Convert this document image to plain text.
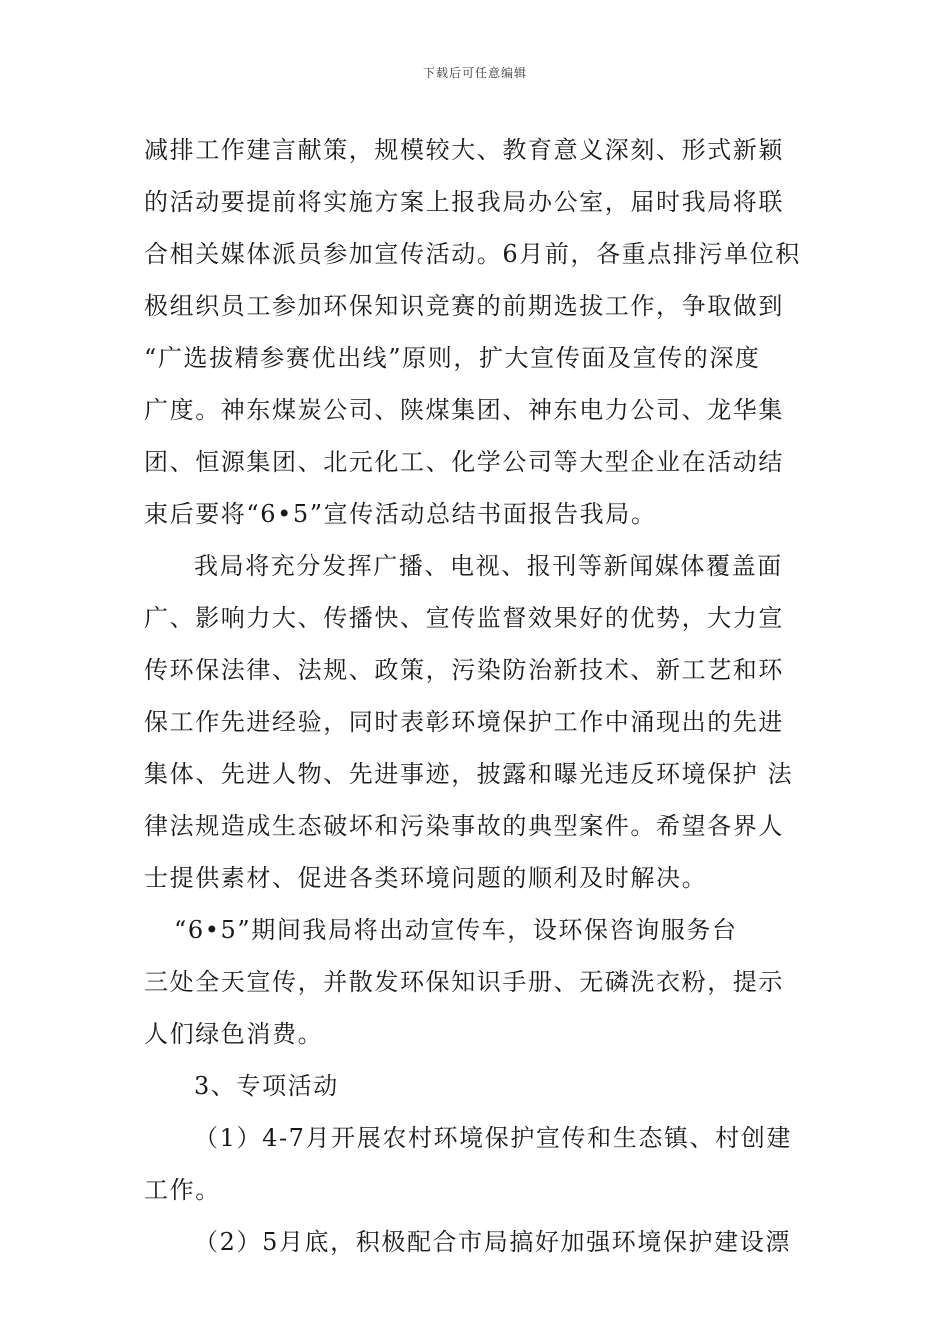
下载后可任意编辑
减排工作建言献策，规模较大、教育意义深刻、形式新颖
的活动要提前将实施方案上报我局办公室，届时我局将联
合相关媒体派员参加宣传活动。6月前，各重点排污单位积
极组织员工参加环保知识竞赛的前期选拔工作，争取做到
“广选拔精参赛优出线”原则，扩大宣传面及宣传的深度
广度。神东煤炭公司、陕煤集团、神东电力公司、龙华集
团、恒源集团、北元化工、化学公司等大型企业在活动结
束后要将“6•5”宣传活动总结书面报告我局。
我局将充分发挥广播、电视、报刊等新闻媒体覆盖面
广、影响力大、传播快、宣传监督效果好的优势，大力宣
传环保法律、法规、政策，污染防治新技术、新工艺和环
保工作先进经验，同时表彰环境保护工作中涌现出的先进
集体、先进人物、先进事迹，披露和曝光违反环境保护 法
律法规造成生态破坏和污染事故的典型案件。希望各界人
士提供素材、促进各类环境问题的顺利及时解决。
“6•5”期间我局将出动宣传车，设环保咨询服务台
三处全天宣传，并散发环保知识手册、无磷洗衣粉，提示
人们绿色消费。
3、专项活动
（1）4-7月开展农村环境保护宣传和生态镇、村创建
工作。
（2）5月底，积极配合市局搞好加强环境保护建设漂
